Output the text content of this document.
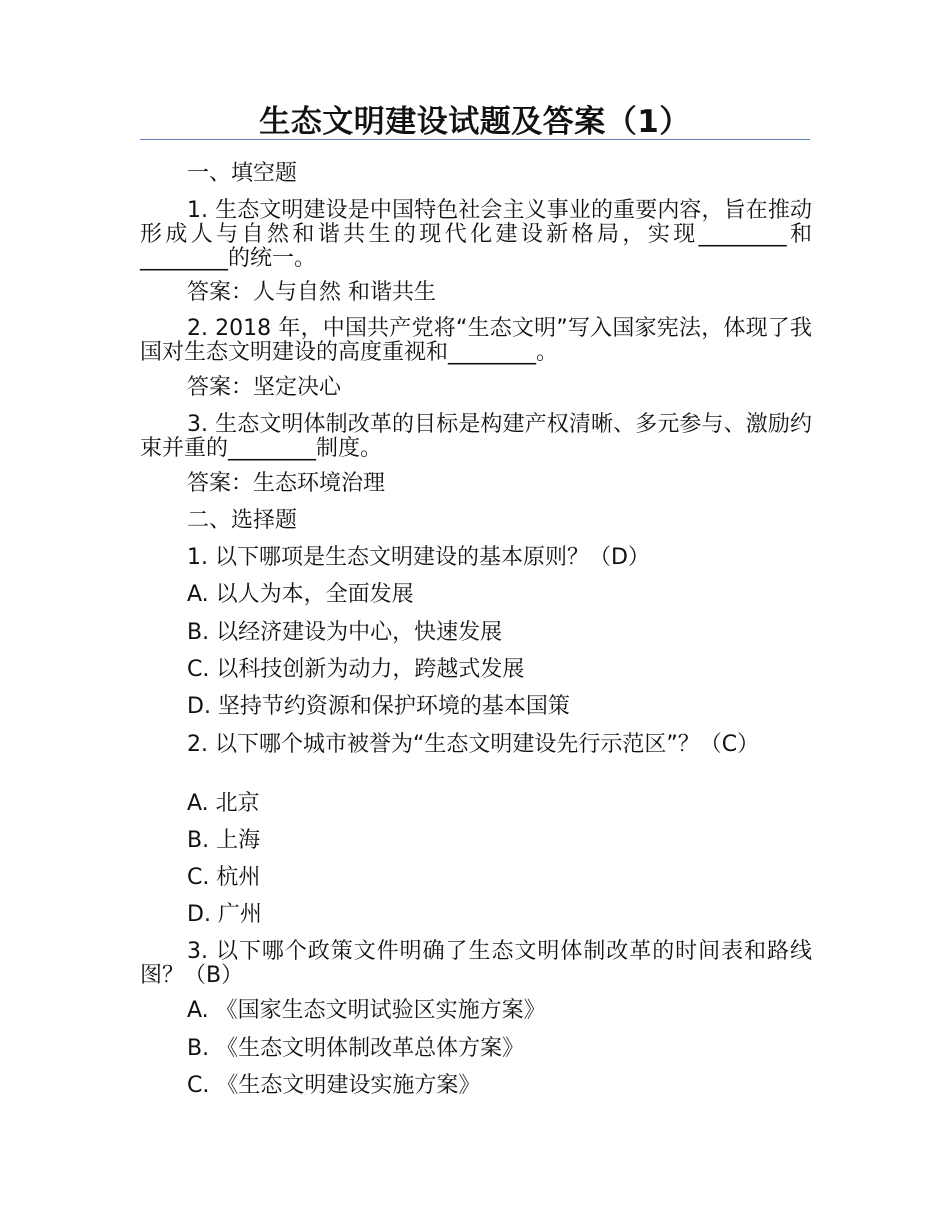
生态文明建设试题及答案（1）
一、填空题
1. 生态文明建设是中国特色社会主义事业的重要内容，旨在推动形成人与自然和谐共生的现代化建设新格局，实现________和________的统一。
答案：人与自然 和谐共生
2. 2018 年，中国共产党将“生态文明”写入国家宪法，体现了我国对生态文明建设的高度重视和________。
答案：坚定决心
3. 生态文明体制改革的目标是构建产权清晰、多元参与、激励约束并重的________制度。
答案：生态环境治理
二、选择题
1. 以下哪项是生态文明建设的基本原则？（D）
A. 以人为本，全面发展
B. 以经济建设为中心，快速发展
C. 以科技创新为动力，跨越式发展
D. 坚持节约资源和保护环境的基本国策
2. 以下哪个城市被誉为“生态文明建设先行示范区”？（C）
A. 北京
B. 上海
C. 杭州
D. 广州
3. 以下哪个政策文件明确了生态文明体制改革的时间表和路线图？（B）
A. 《国家生态文明试验区实施方案》
B. 《生态文明体制改革总体方案》
C. 《生态文明建设实施方案》
